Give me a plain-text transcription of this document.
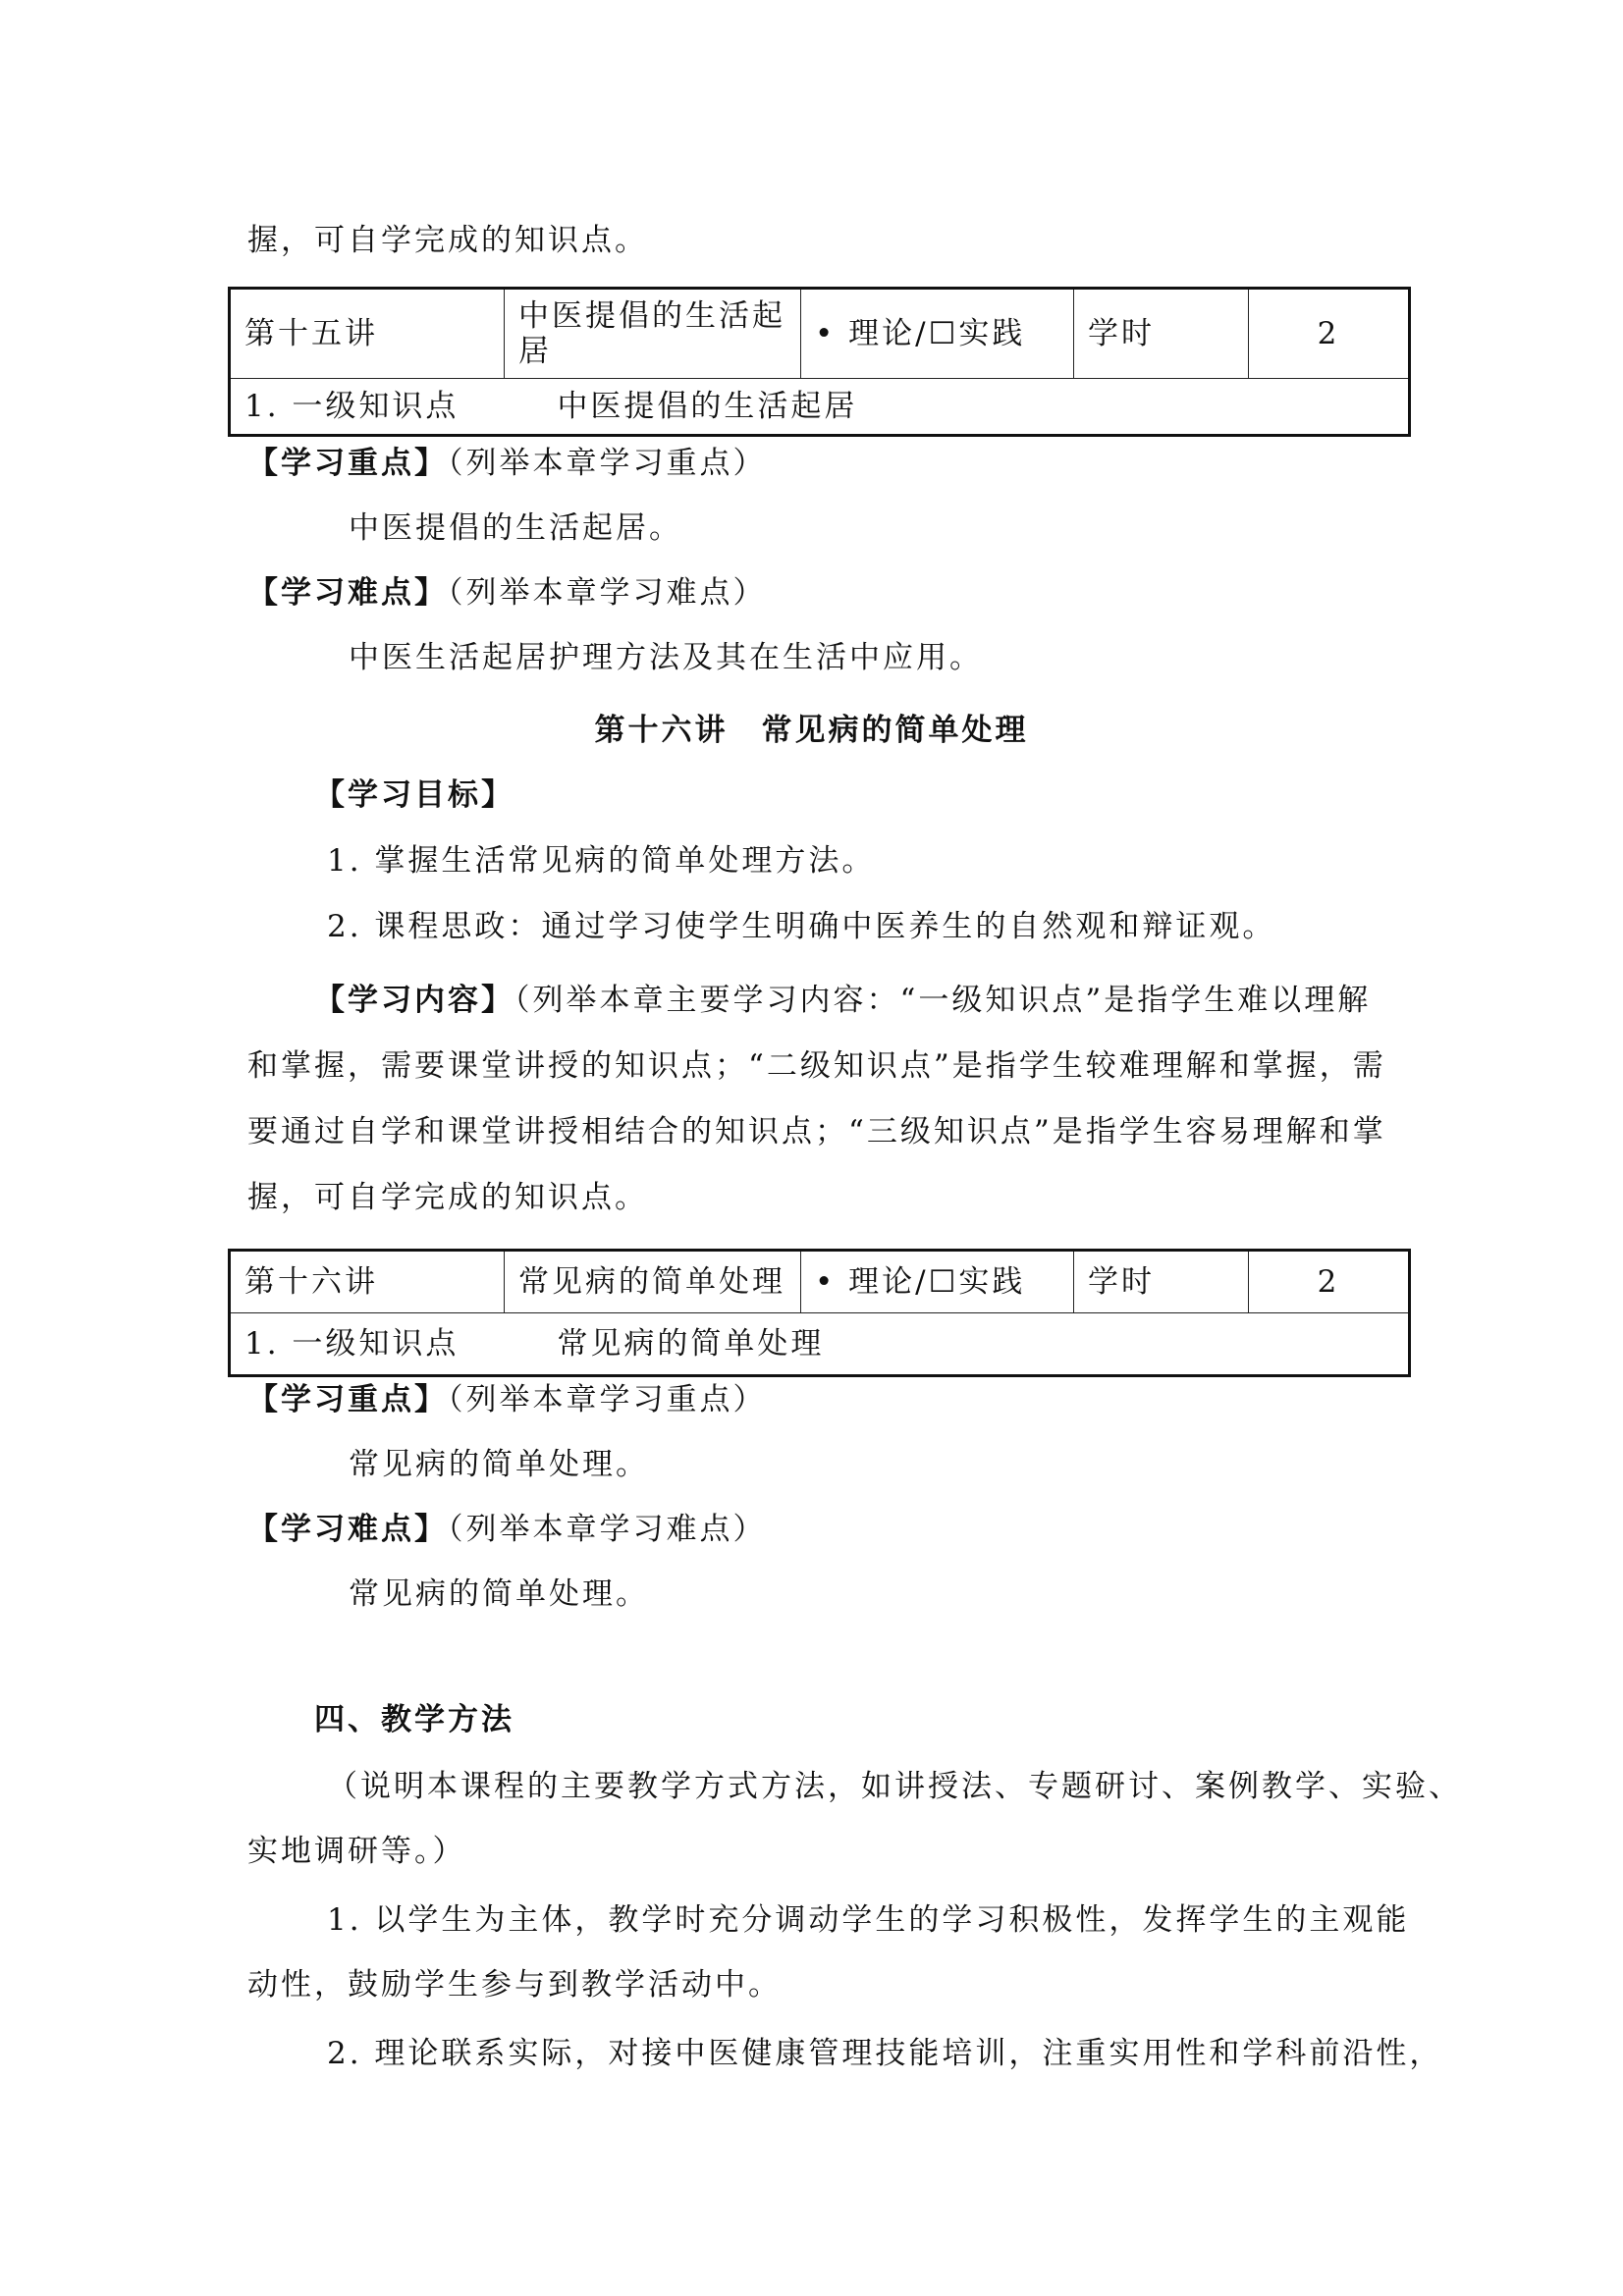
握，可自学完成的知识点。
第十五讲	中医提倡的生活起居	• 理论/☐实践	学时	2
1. 一级知识点	中医提倡的生活起居
【学习重点】（列举本章学习重点）
中医提倡的生活起居。
【学习难点】（列举本章学习难点）
中医生活起居护理方法及其在生活中应用。
第十六讲　常见病的简单处理
【学习目标】
1. 掌握生活常见病的简单处理方法。
2. 课程思政：通过学习使学生明确中医养生的自然观和辩证观。
【学习内容】（列举本章主要学习内容：“一级知识点”是指学生难以理解
和掌握，需要课堂讲授的知识点；“二级知识点”是指学生较难理解和掌握，需
要通过自学和课堂讲授相结合的知识点；“三级知识点”是指学生容易理解和掌
握，可自学完成的知识点。
第十六讲	常见病的简单处理	• 理论/☐实践	学时	2
1. 一级知识点	常见病的简单处理
【学习重点】（列举本章学习重点）
常见病的简单处理。
【学习难点】（列举本章学习难点）
常见病的简单处理。
四、教学方法
（说明本课程的主要教学方式方法，如讲授法、专题研讨、案例教学、实验、
实地调研等。）
1. 以学生为主体，教学时充分调动学生的学习积极性，发挥学生的主观能
动性，鼓励学生参与到教学活动中。
2. 理论联系实际，对接中医健康管理技能培训，注重实用性和学科前沿性，
